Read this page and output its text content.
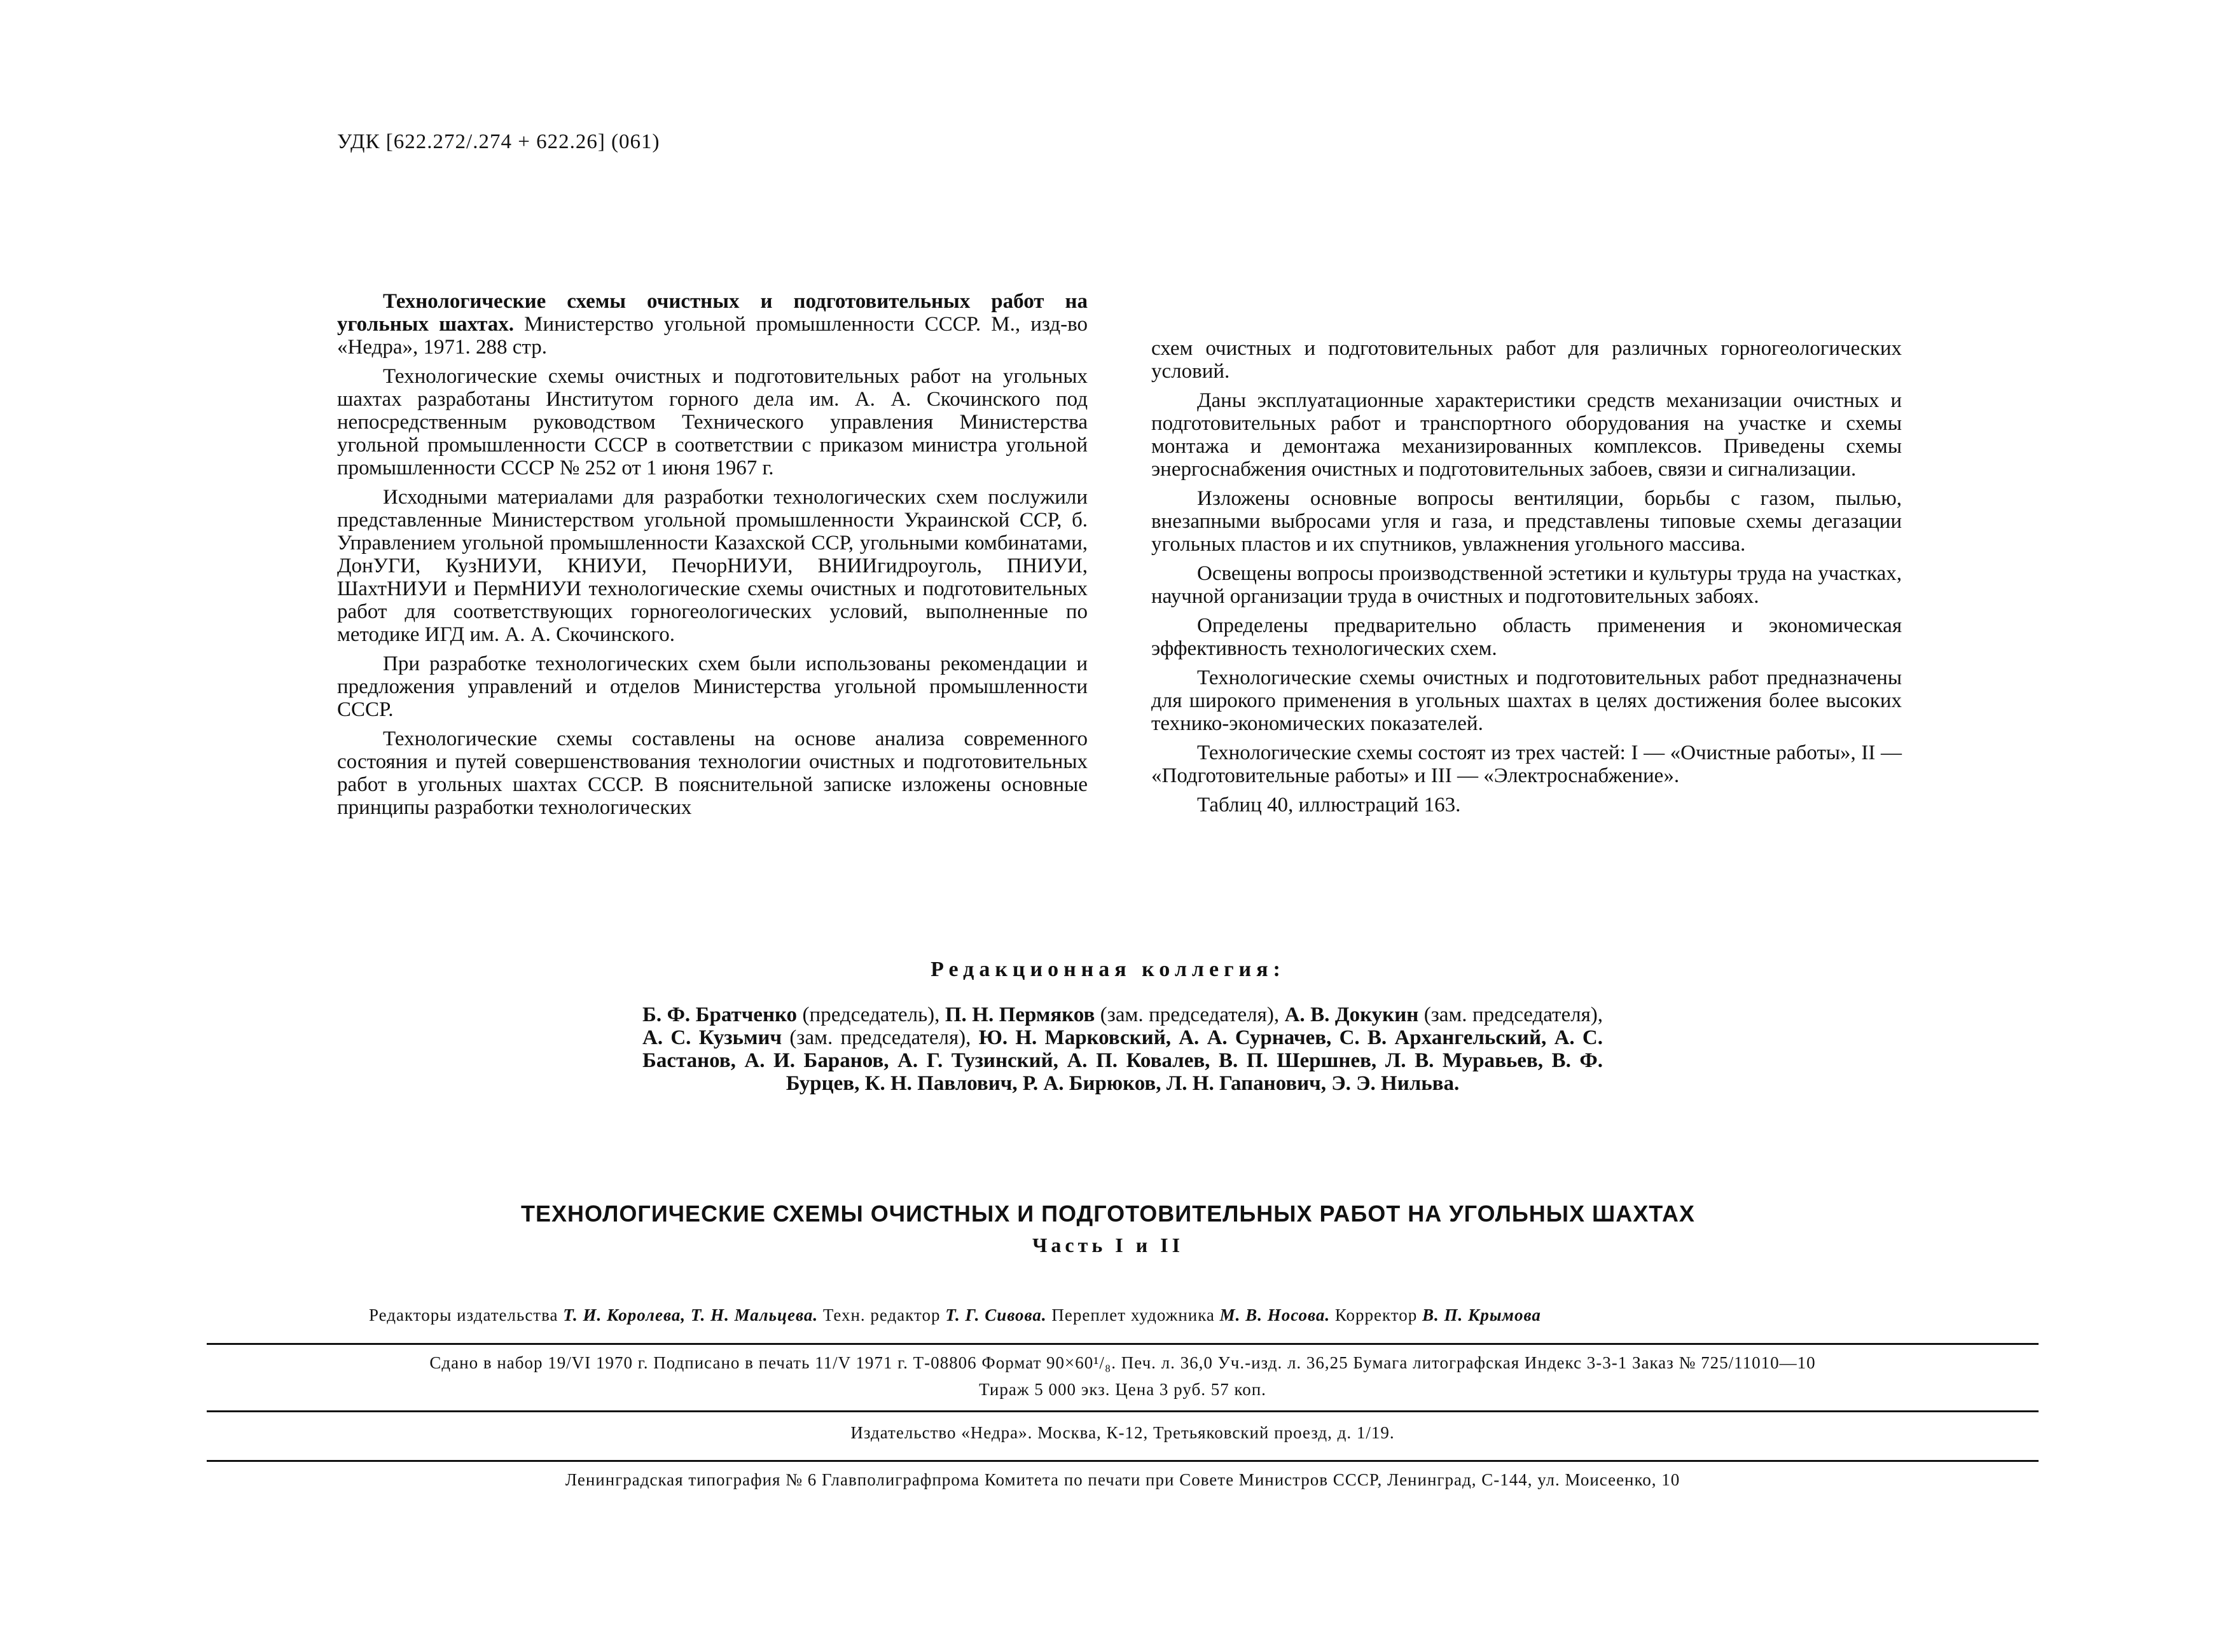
УДК [622.272/.274 + 622.26] (061)

Технологические схемы очистных и подготовительных работ на угольных шахтах. Министерство угольной промышленности СССР. М., изд-во «Недра», 1971. 288 стр.

Технологические схемы очистных и подготовительных работ на угольных шахтах разработаны Институтом горного дела им. А. А. Скочинского под непосредственным руководством Технического управления Министерства угольной промышленности СССР в соответствии с приказом министра угольной промышленности СССР № 252 от 1 июня 1967 г.

Исходными материалами для разработки технологических схем послужили представленные Министерством угольной промышленности Украинской ССР, б. Управлением угольной промышленности Казахской ССР, угольными комбинатами, ДонУГИ, КузНИУИ, КНИУИ, ПечорНИУИ, ВНИИгидроуголь, ПНИУИ, ШахтНИУИ и ПермНИУИ технологические схемы очистных и подготовительных работ для соответствующих горногеологических условий, выполненные по методике ИГД им. А. А. Скочинского.

При разработке технологических схем были использованы рекомендации и предложения управлений и отделов Министерства угольной промышленности СССР.

Технологические схемы составлены на основе анализа современного состояния и путей совершенствования технологии очистных и подготовительных работ в угольных шахтах СССР. В пояснительной записке изложены основные принципы разработки технологических

схем очистных и подготовительных работ для различных горногеологических условий.

Даны эксплуатационные характеристики средств механизации очистных и подготовительных работ и транспортного оборудования на участке и схемы монтажа и демонтажа механизированных комплексов. Приведены схемы энергоснабжения очистных и подготовительных забоев, связи и сигнализации.

Изложены основные вопросы вентиляции, борьбы с газом, пылью, внезапными выбросами угля и газа, и представлены типовые схемы дегазации угольных пластов и их спутников, увлажнения угольного массива.

Освещены вопросы производственной эстетики и культуры труда на участках, научной организации труда в очистных и подготовительных забоях.

Определены предварительно область применения и экономическая эффективность технологических схем.

Технологические схемы очистных и подготовительных работ предназначены для широкого применения в угольных шахтах в целях достижения более высоких технико-экономических показателей.

Технологические схемы состоят из трех частей: I — «Очистные работы», II — «Подготовительные работы» и III — «Электроснабжение».

Таблиц 40, иллюстраций 163.

Редакционная коллегия:
Б. Ф. Братченко (председатель), П. Н. Пермяков (зам. председателя), А. В. Докукин (зам. председателя), А. С. Кузьмич (зам. председателя), Ю. Н. Марковский, А. А. Сурначев, С. В. Архангельский, А. С. Бастанов, А. И. Баранов, А. Г. Тузинский, А. П. Ковалев, В. П. Шершнев, Л. В. Муравьев, В. Ф. Бурцев, К. Н. Павлович, Р. А. Бирюков, Л. Н. Гапанович, Э. Э. Нильва.
ТЕХНОЛОГИЧЕСКИЕ СХЕМЫ ОЧИСТНЫХ И ПОДГОТОВИТЕЛЬНЫХ РАБОТ НА УГОЛЬНЫХ ШАХТАХ
Часть I и II
Редакторы издательства Т. И. Королева, Т. Н. Мальцева. Техн. редактор Т. Г. Сивова. Переплет художника М. В. Носова. Корректор В. П. Крымова
Сдано в набор 19/VI 1970 г. Подписано в печать 11/V 1971 г. Т-08806 Формат 90×60¹/₈. Печ. л. 36,0 Уч.-изд. л. 36,25 Бумага литографская Индекс 3-3-1 Заказ № 725/11010—10
Тираж 5 000 экз. Цена 3 руб. 57 коп.
Издательство «Недра». Москва, К-12, Третьяковский проезд, д. 1/19.
Ленинградская типография № 6 Главполиграфпрома Комитета по печати при Совете Министров СССР, Ленинград, С-144, ул. Моисеенко, 10
